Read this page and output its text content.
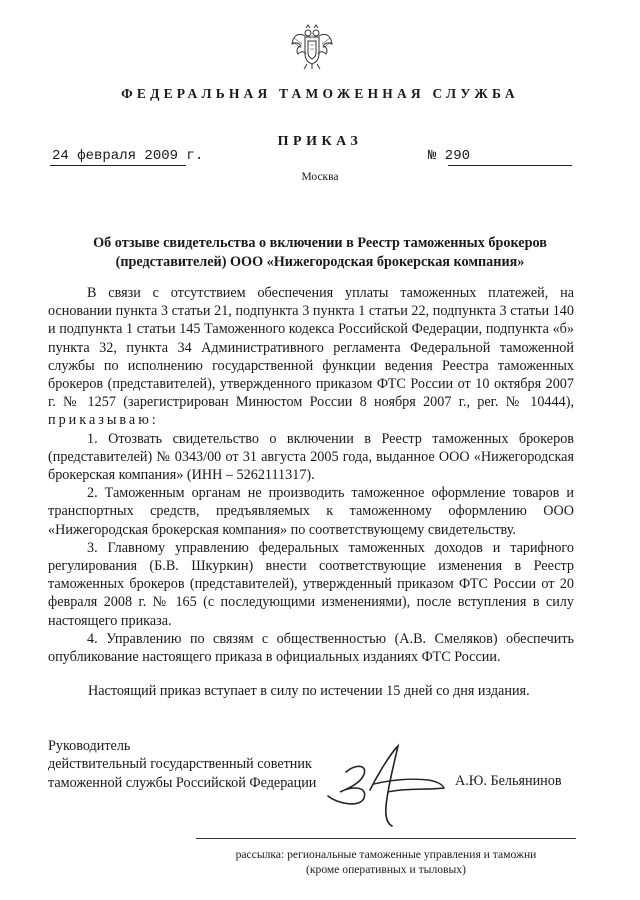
ФЕДЕРАЛЬНАЯ ТАМОЖЕННАЯ СЛУЖБА
ПРИКАЗ
24 февраля 2009 г.	№ 290
Москва
Об отзыве свидетельства о включении в Реестр таможенных брокеров
(представителей) ООО «Нижегородская брокерская компания»

В связи с отсутствием обеспечения уплаты таможенных платежей, на основании пункта 3 статьи 21, подпункта 3 пункта 1 статьи 22, подпункта 3 статьи 140 и подпункта 1 статьи 145 Таможенного кодекса Российской Федерации, подпункта «б» пункта 32, пункта 34 Административного регламента Федеральной таможенной службы по исполнению государственной функции ведения Реестра таможенных брокеров (представителей), утвержденного приказом ФТС России от 10 октября 2007 г. № 1257 (зарегистрирован Минюстом России 8 ноября 2007 г., рег. № 10444), приказываю:

1. Отозвать свидетельство о включении в Реестр таможенных брокеров (представителей) № 0343/00 от 31 августа 2005 года, выданное ООО «Нижегородская брокерская компания» (ИНН – 5262111317).

2. Таможенным органам не производить таможенное оформление товаров и транспортных средств, предъявляемых к таможенному оформлению ООО «Нижегородская брокерская компания» по соответствующему свидетельству.

3. Главному управлению федеральных таможенных доходов и тарифного регулирования (Б.В. Шкуркин) внести соответствующие изменения в Реестр таможенных брокеров (представителей), утвержденный приказом ФТС России от 20 февраля 2008 г. № 165 (с последующими изменениями), после вступления в силу настоящего приказа.

4. Управлению по связям с общественностью (А.В. Смеляков) обеспечить опубликование настоящего приказа в официальных изданиях ФТС России.

Настоящий приказ вступает в силу по истечении 15 дней со дня издания.
Руководитель
действительный государственный советник
таможенной службы Российской Федерации	А.Ю. Бельянинов
рассылка: региональные таможенные управления и таможни
(кроме оперативных и тыловых)
